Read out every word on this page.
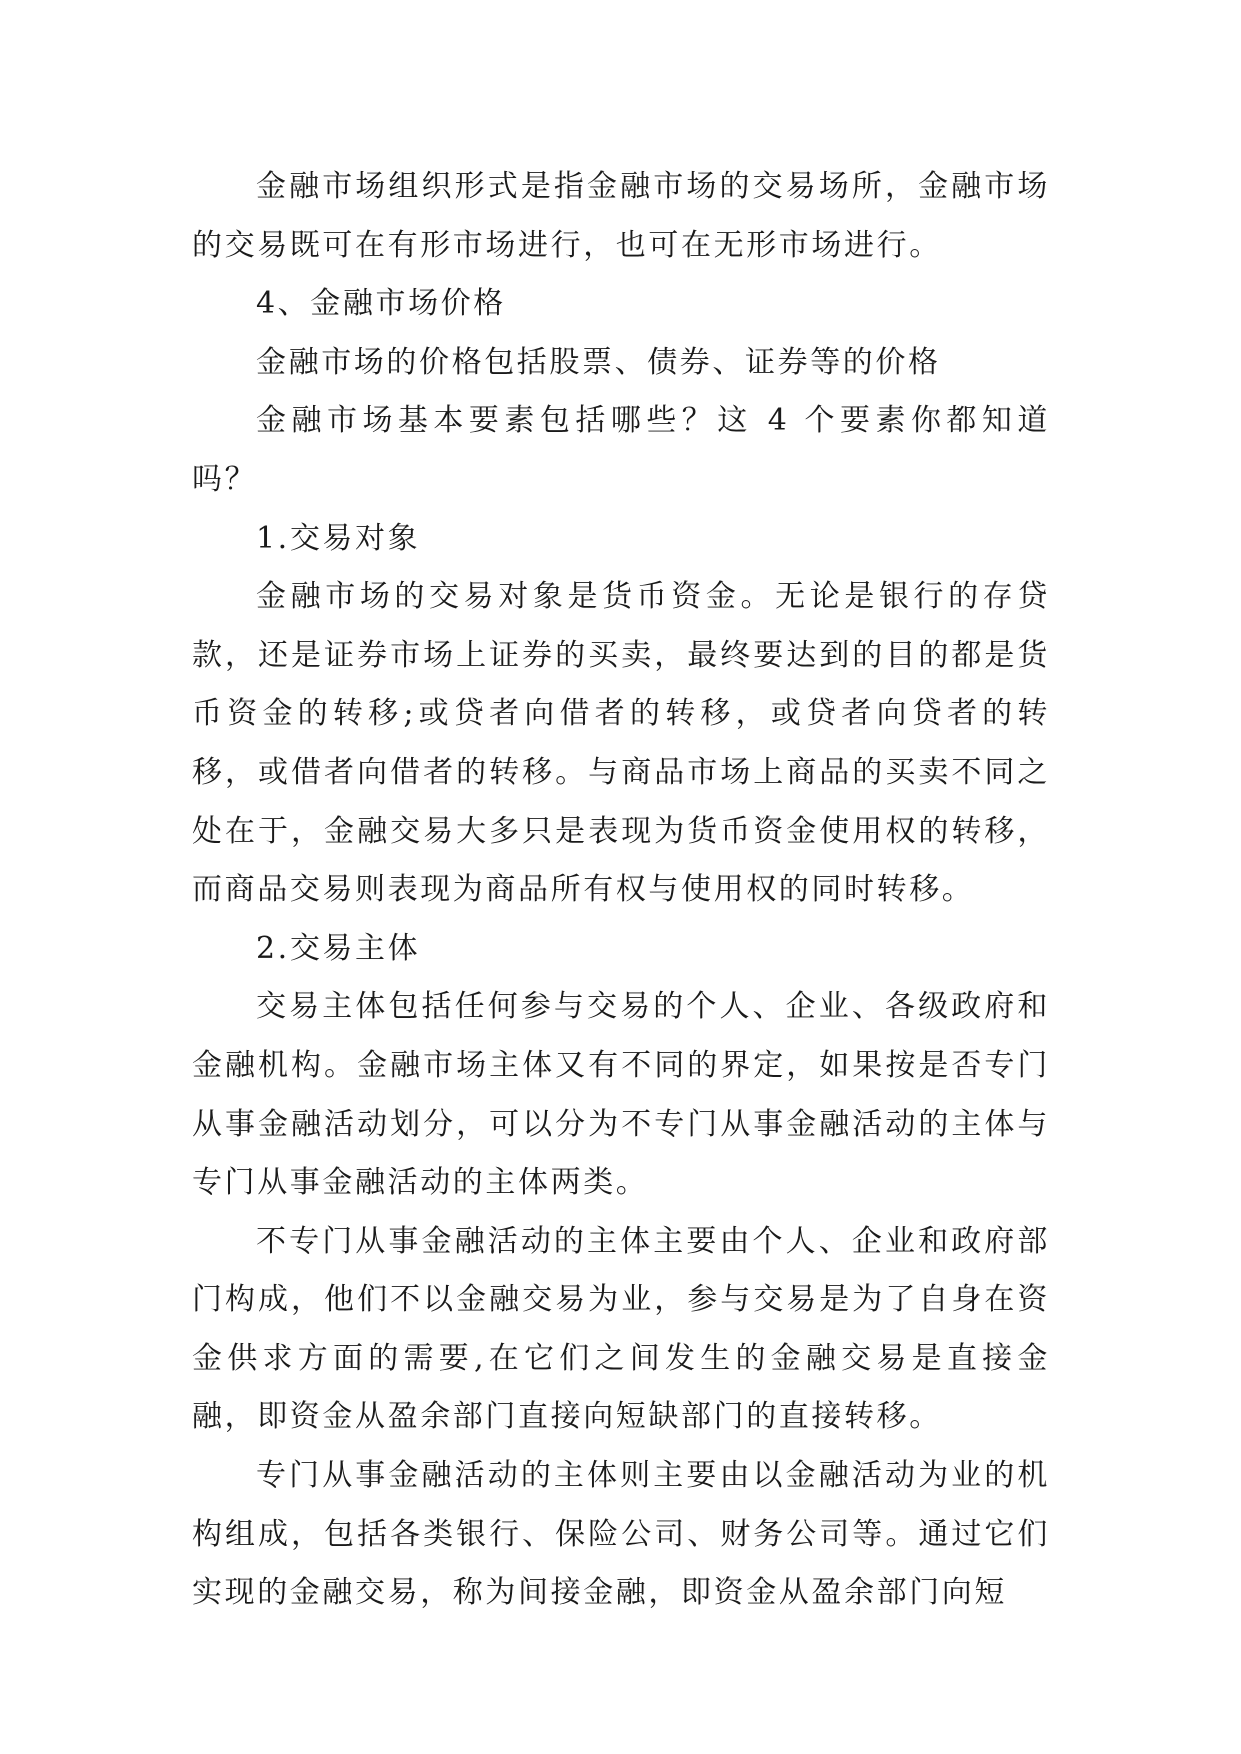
金融市场组织形式是指金融市场的交易场所，金融市场的交易既可在有形市场进行，也可在无形市场进行。

4、金融市场价格

金融市场的价格包括股票、债券、证券等的价格

金融市场基本要素包括哪些？这 4 个要素你都知道吗？

1.交易对象

金融市场的交易对象是货币资金。无论是银行的存贷款，还是证券市场上证券的买卖，最终要达到的目的都是货币资金的转移;或贷者向借者的转移，或贷者向贷者的转移，或借者向借者的转移。与商品市场上商品的买卖不同之处在于，金融交易大多只是表现为货币资金使用权的转移，而商品交易则表现为商品所有权与使用权的同时转移。

2.交易主体

交易主体包括任何参与交易的个人、企业、各级政府和金融机构。金融市场主体又有不同的界定，如果按是否专门从事金融活动划分，可以分为不专门从事金融活动的主体与专门从事金融活动的主体两类。

不专门从事金融活动的主体主要由个人、企业和政府部门构成，他们不以金融交易为业，参与交易是为了自身在资金供求方面的需要,在它们之间发生的金融交易是直接金融，即资金从盈余部门直接向短缺部门的直接转移。

专门从事金融活动的主体则主要由以金融活动为业的机构组成，包括各类银行、保险公司、财务公司等。通过它们实现的金融交易，称为间接金融，即资金从盈余部门向短
